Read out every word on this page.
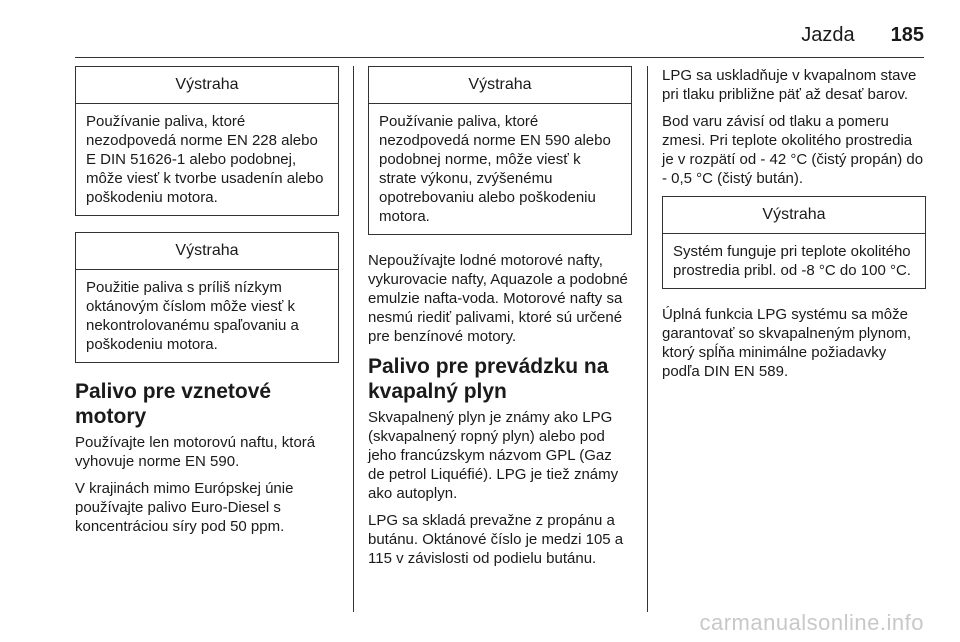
Jazda 185
Výstraha
Používanie paliva, ktoré nezodpovedá norme EN 228 alebo E DIN 51626-1 alebo podobnej, môže viesť k tvorbe usadenín alebo poškodeniu motora.
Výstraha
Použitie paliva s príliš nízkym oktánovým číslom môže viesť k nekontrolovanému spaľovaniu a poškodeniu motora.
Palivo pre vznetové motory

Používajte len motorovú naftu, ktorá vyhovuje norme EN 590.

V krajinách mimo Európskej únie používajte palivo Euro-Diesel s koncentráciou síry pod 50 ppm.

Výstraha
Používanie paliva, ktoré nezodpovedá norme EN 590 alebo podobnej norme, môže viesť k strate výkonu, zvýšenému opotrebovaniu alebo poškodeniu motora.

Nepoužívajte lodné motorové nafty, vykurovacie nafty, Aquazole a podobné emulzie nafta-voda. Motorové nafty sa nesmú riediť palivami, ktoré sú určené pre benzínové motory.

Palivo pre prevádzku na kvapalný plyn

Skvapalnený plyn je známy ako LPG (skvapalnený ropný plyn) alebo pod jeho francúzskym názvom GPL (Gaz de petrol Liquéfié). LPG je tiež známy ako autoplyn.

LPG sa skladá prevažne z propánu a butánu. Oktánové číslo je medzi 105 a 115 v závislosti od podielu butánu.

LPG sa uskladňuje v kvapalnom stave pri tlaku približne päť až desať barov.

Bod varu závisí od tlaku a pomeru zmesi. Pri teplote okolitého prostredia je v rozpätí od - 42 °C (čistý propán) do - 0,5 °C (čistý bután).

Výstraha
Systém funguje pri teplote okolitého prostredia pribl. od -8 °C do 100 °C.

Úplná funkcia LPG systému sa môže garantovať so skvapalneným plynom, ktorý spĺňa minimálne požiadavky podľa DIN EN 589.

carmanualsonline.info
